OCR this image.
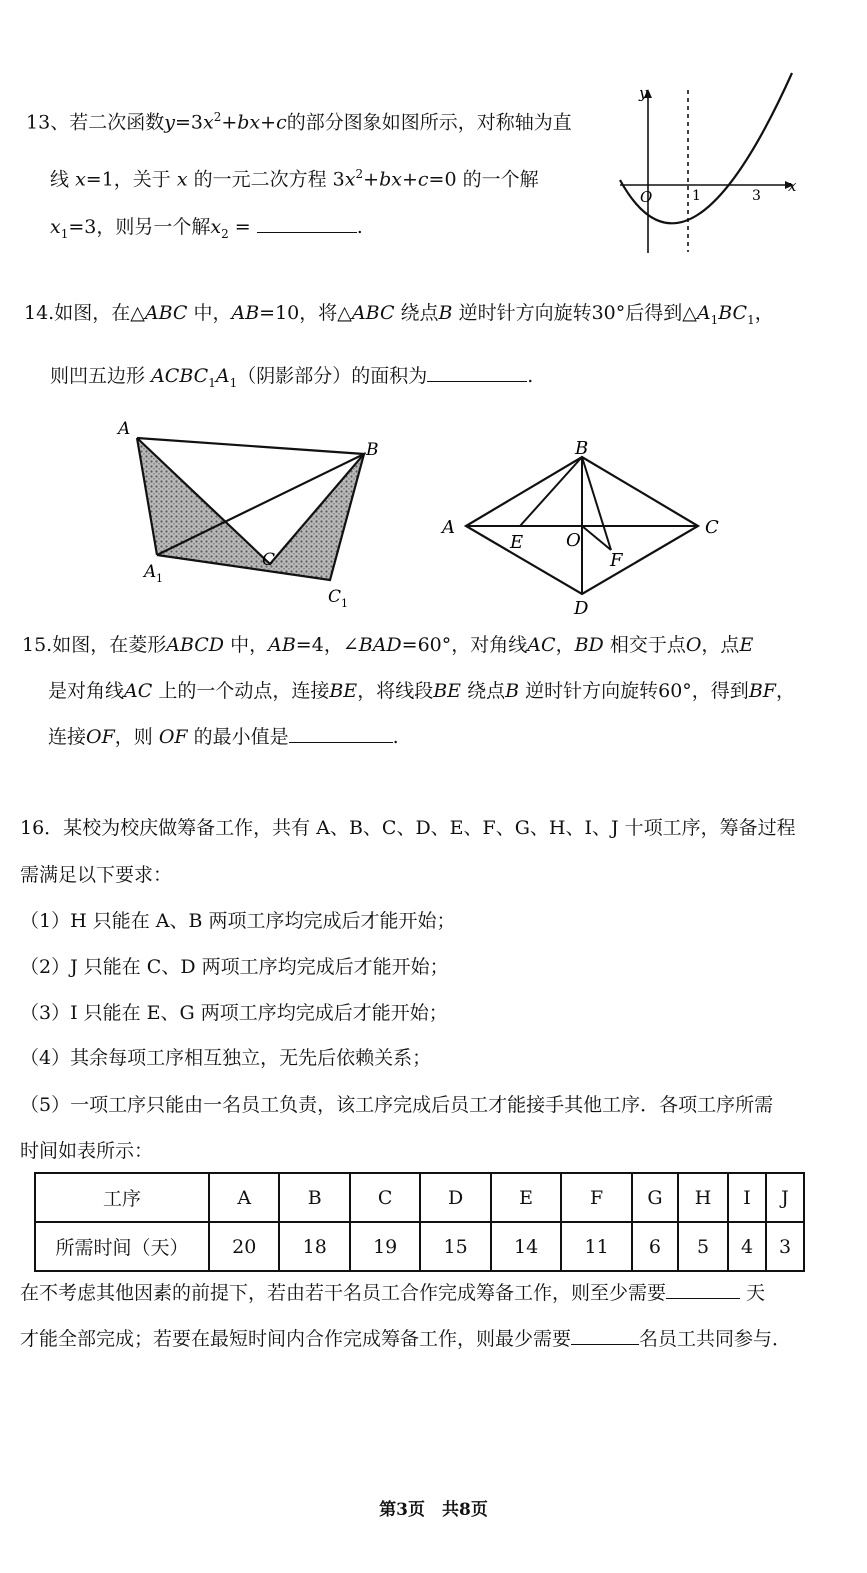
13、若二次函数$y=3x^2+bx+c$的部分图象如图所示，对称轴为直
线 x=1，关于 x 的一元二次方程 $3x^2+bx+c=0$ 的一个解
$x_1=3$，则另一个解$x_2$ =	.
y
x
O	1	3
14.如图，在△ABC 中，AB=10，将△ABC 绕点B 逆时针方向旋转30°后得到$\triangle A_1BC_1$，
则凹五边形 $ACBC_1A_1$（阴影部分）的面积为	.
A
B
C
A 1
C 1
A
B
C
D
E O
F
15.如图，在菱形ABCD 中，AB=4，∠BAD=60°，对角线AC，BD 相交于点O，点E
是对角线AC 上的一个动点，连接BE，将线段BE 绕点B 逆时针方向旋转60°，得到BF，
连接OF，则 OF 的最小值是	.
16．某校为校庆做筹备工作，共有 A、B、C、D、E、F、G、H、I、J 十项工序，筹备过程
需满足以下要求：
（1）H 只能在 A、B 两项工序均完成后才能开始；
（2）J 只能在 C、D 两项工序均完成后才能开始；
（3）I 只能在 E、G 两项工序均完成后才能开始；
（4）其余每项工序相互独立，无先后依赖关系；
（5）一项工序只能由一名员工负责，该工序完成后员工才能接手其他工序．各项工序所需
时间如表所示：
工序	A	B	C	D	E	F	G	H	I	J
所需时间（天）	20	18	19	15	14	11	6	5	4	3
在不考虑其他因素的前提下，若由若干名员工合作完成筹备工作，则至少需要	天
才能全部完成；若要在最短时间内合作完成筹备工作，则最少需要	名员工共同参与．
第3页　共8页
